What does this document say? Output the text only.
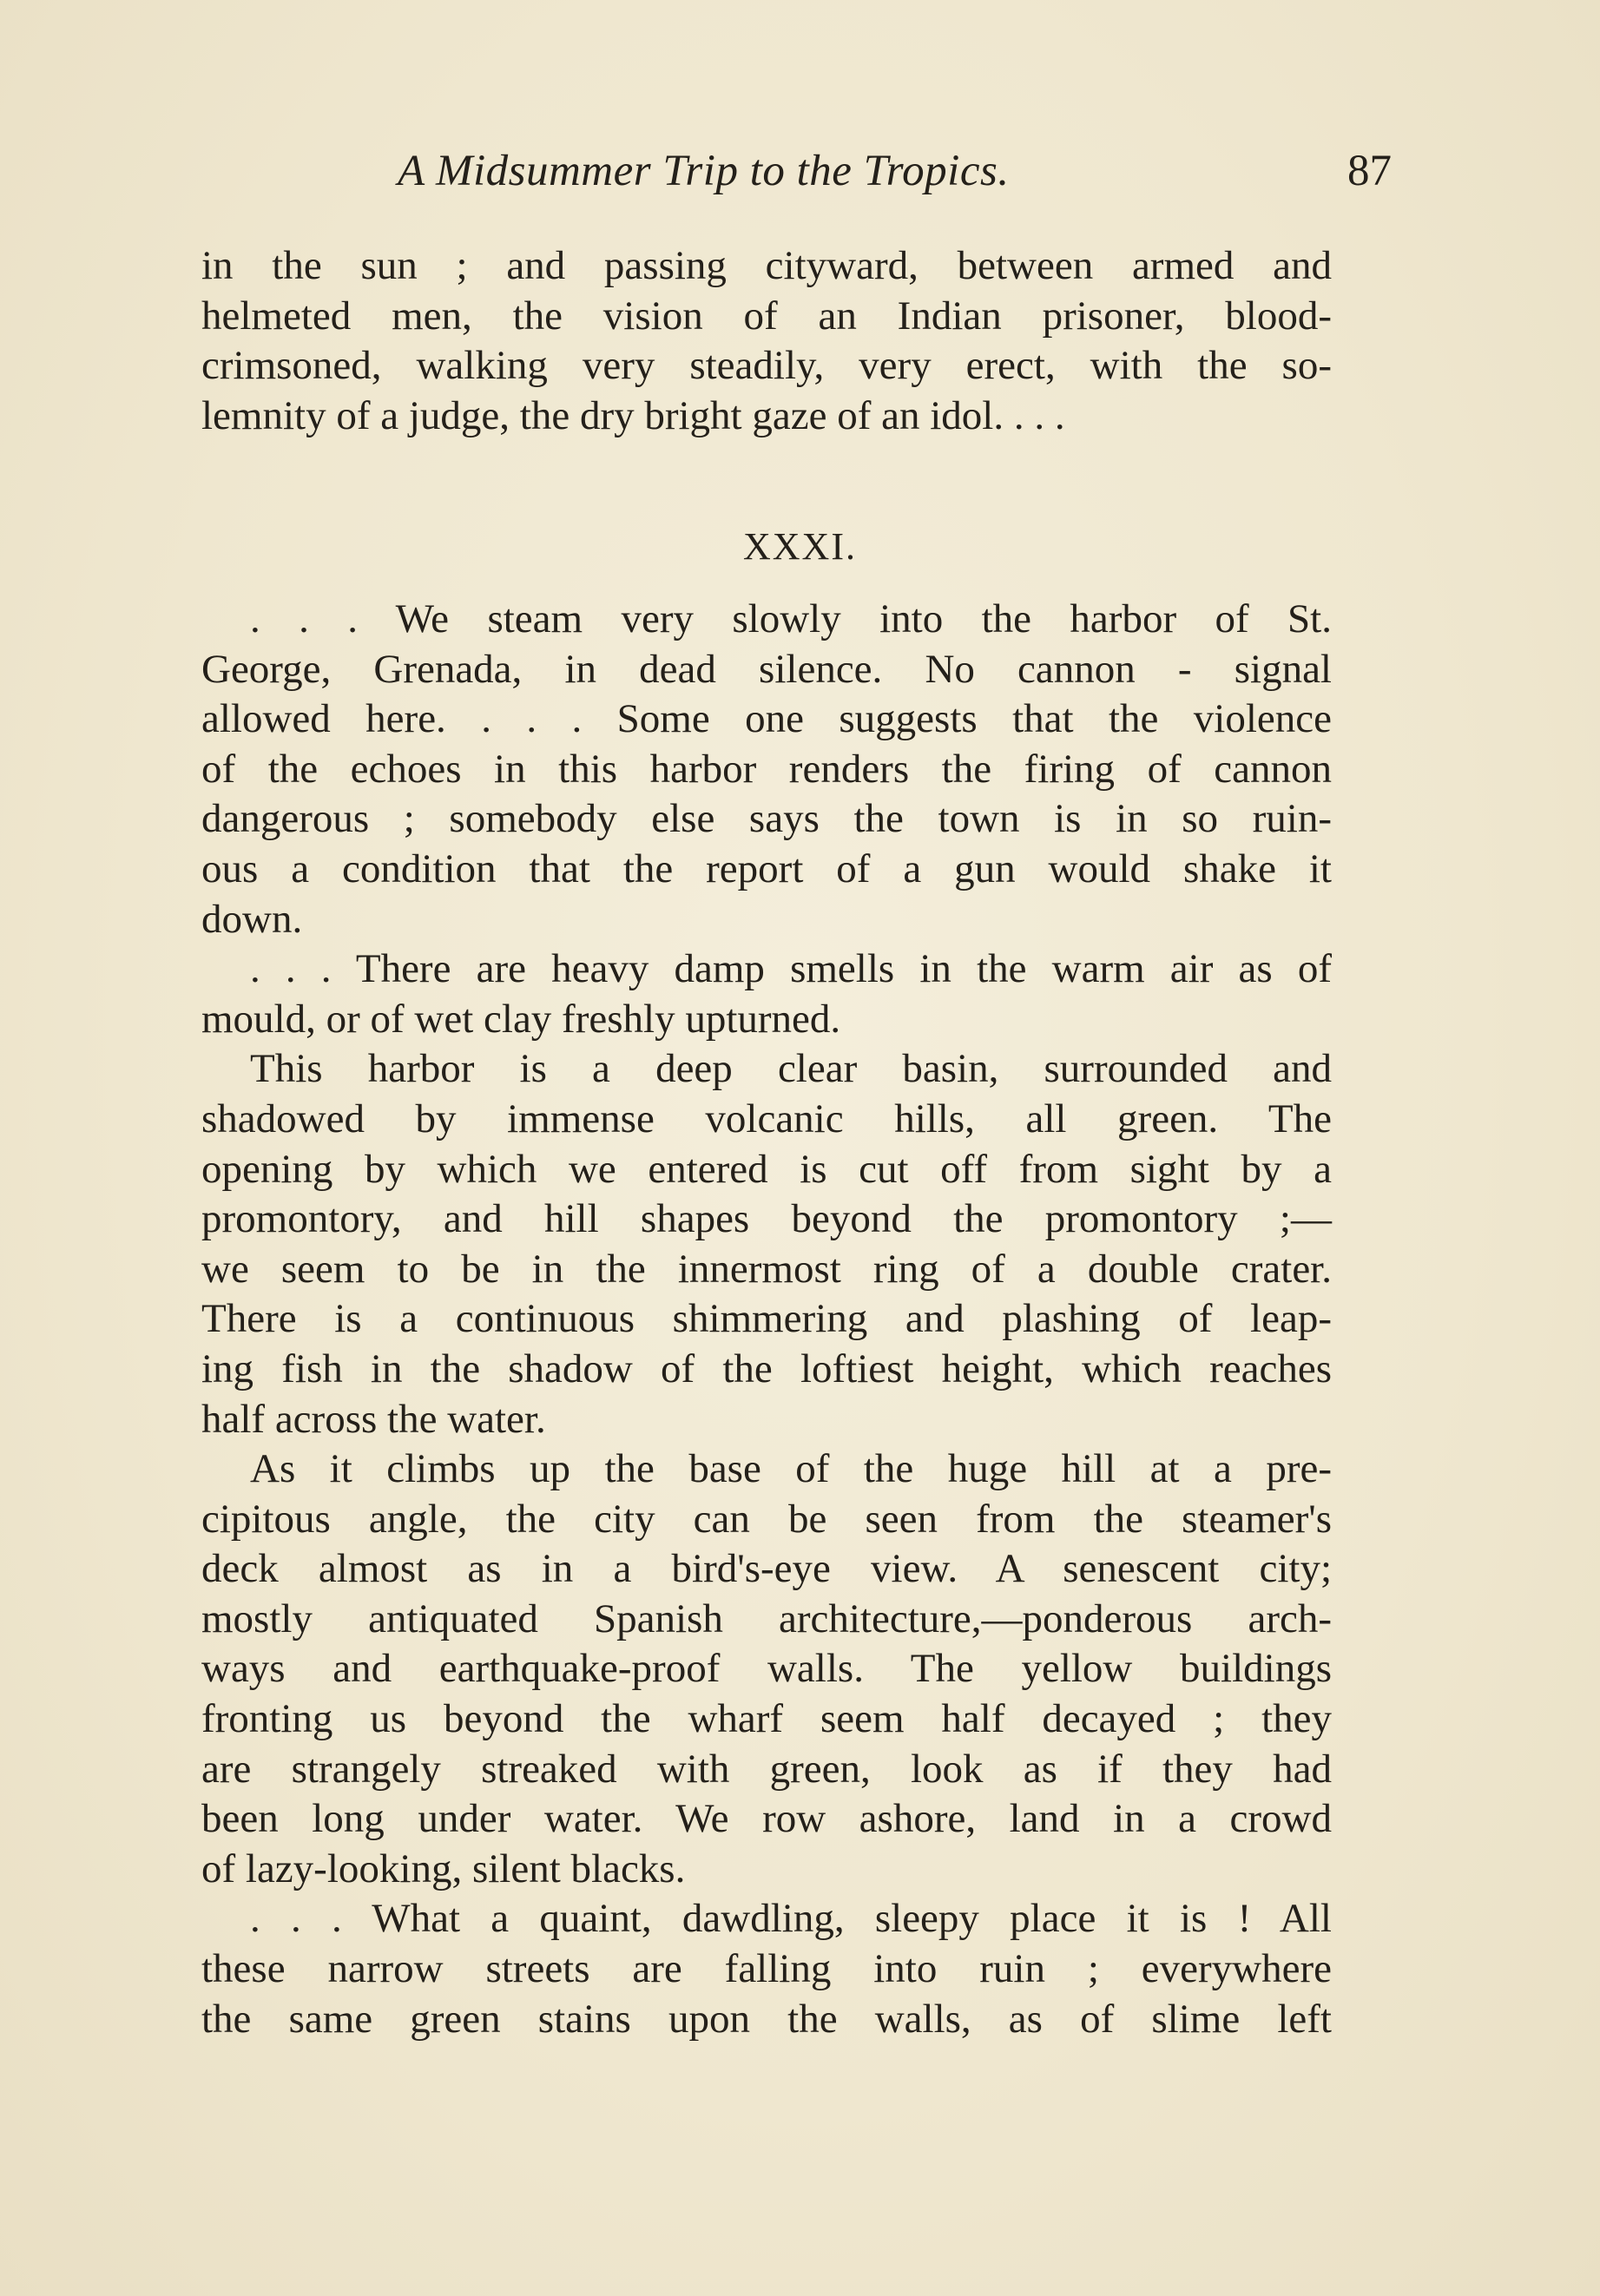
A Midsummer Trip to the Tropics.	87
in the sun ; and passing cityward, between armed and
helmeted men, the vision of an Indian prisoner, blood-
crimsoned, walking very steadily, very erect, with the so-
lemnity of a judge, the dry bright gaze of an idol. . . .
XXXI.
. . . We steam very slowly into the harbor of St.
George, Grenada, in dead silence. No cannon - signal
allowed here. . . . Some one suggests that the violence
of the echoes in this harbor renders the firing of cannon
dangerous ; somebody else says the town is in so ruin-
ous a condition that the report of a gun would shake it
down.
. . . There are heavy damp smells in the warm air as of
mould, or of wet clay freshly upturned.
This harbor is a deep clear basin, surrounded and
shadowed by immense volcanic hills, all green. The
opening by which we entered is cut off from sight by a
promontory, and hill shapes beyond the promontory ;—
we seem to be in the innermost ring of a double crater.
There is a continuous shimmering and plashing of leap-
ing fish in the shadow of the loftiest height, which reaches
half across the water.
As it climbs up the base of the huge hill at a pre-
cipitous angle, the city can be seen from the steamer's
deck almost as in a bird's-eye view. A senescent city;
mostly antiquated Spanish architecture,—ponderous arch-
ways and earthquake-proof walls. The yellow buildings
fronting us beyond the wharf seem half decayed ; they
are strangely streaked with green, look as if they had
been long under water. We row ashore, land in a crowd
of lazy-looking, silent blacks.
. . . What a quaint, dawdling, sleepy place it is ! All
these narrow streets are falling into ruin ; everywhere
the same green stains upon the walls, as of slime left
